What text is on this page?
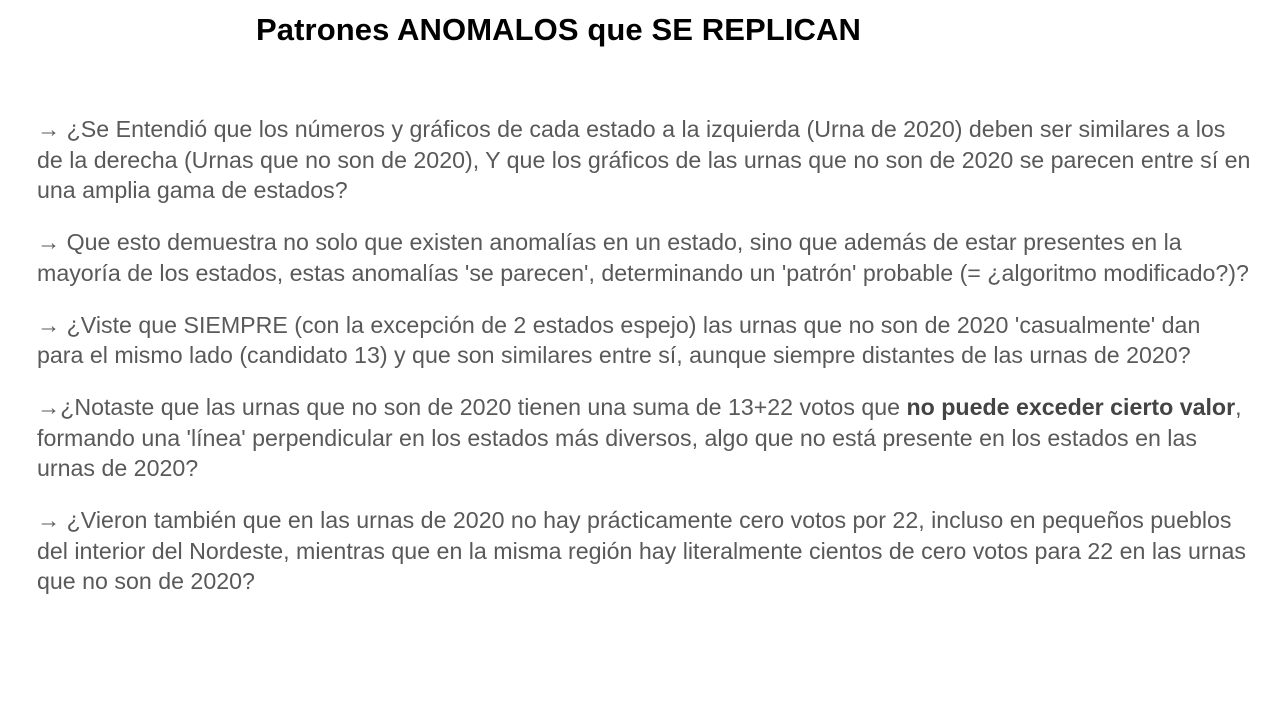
Patrones ANOMALOS que SE REPLICAN

→ ¿Se Entendió que los números y gráficos de cada estado a la izquierda (Urna de 2020) deben ser similares a los de la derecha (Urnas que no son de 2020), Y que los gráficos de las urnas que no son de 2020 se parecen entre sí en una amplia gama de estados?

→ Que esto demuestra no solo que existen anomalías en un estado, sino que además de estar presentes en la mayoría de los estados, estas anomalías 'se parecen', determinando un 'patrón' probable (= ¿algoritmo modificado?)?

→ ¿Viste que SIEMPRE (con la excepción de 2 estados espejo) las urnas que no son de 2020 'casualmente' dan para el mismo lado (candidato 13) y que son similares entre sí, aunque siempre distantes de las urnas de 2020?

→¿Notaste que las urnas que no son de 2020 tienen una suma de 13+22 votos que no puede exceder cierto valor, formando una 'línea' perpendicular en los estados más diversos, algo que no está presente en los estados en las urnas de 2020?

→ ¿Vieron también que en las urnas de 2020 no hay prácticamente cero votos por 22, incluso en pequeños pueblos del interior del Nordeste, mientras que en la misma región hay literalmente cientos de cero votos para 22 en las urnas que no son de 2020?
